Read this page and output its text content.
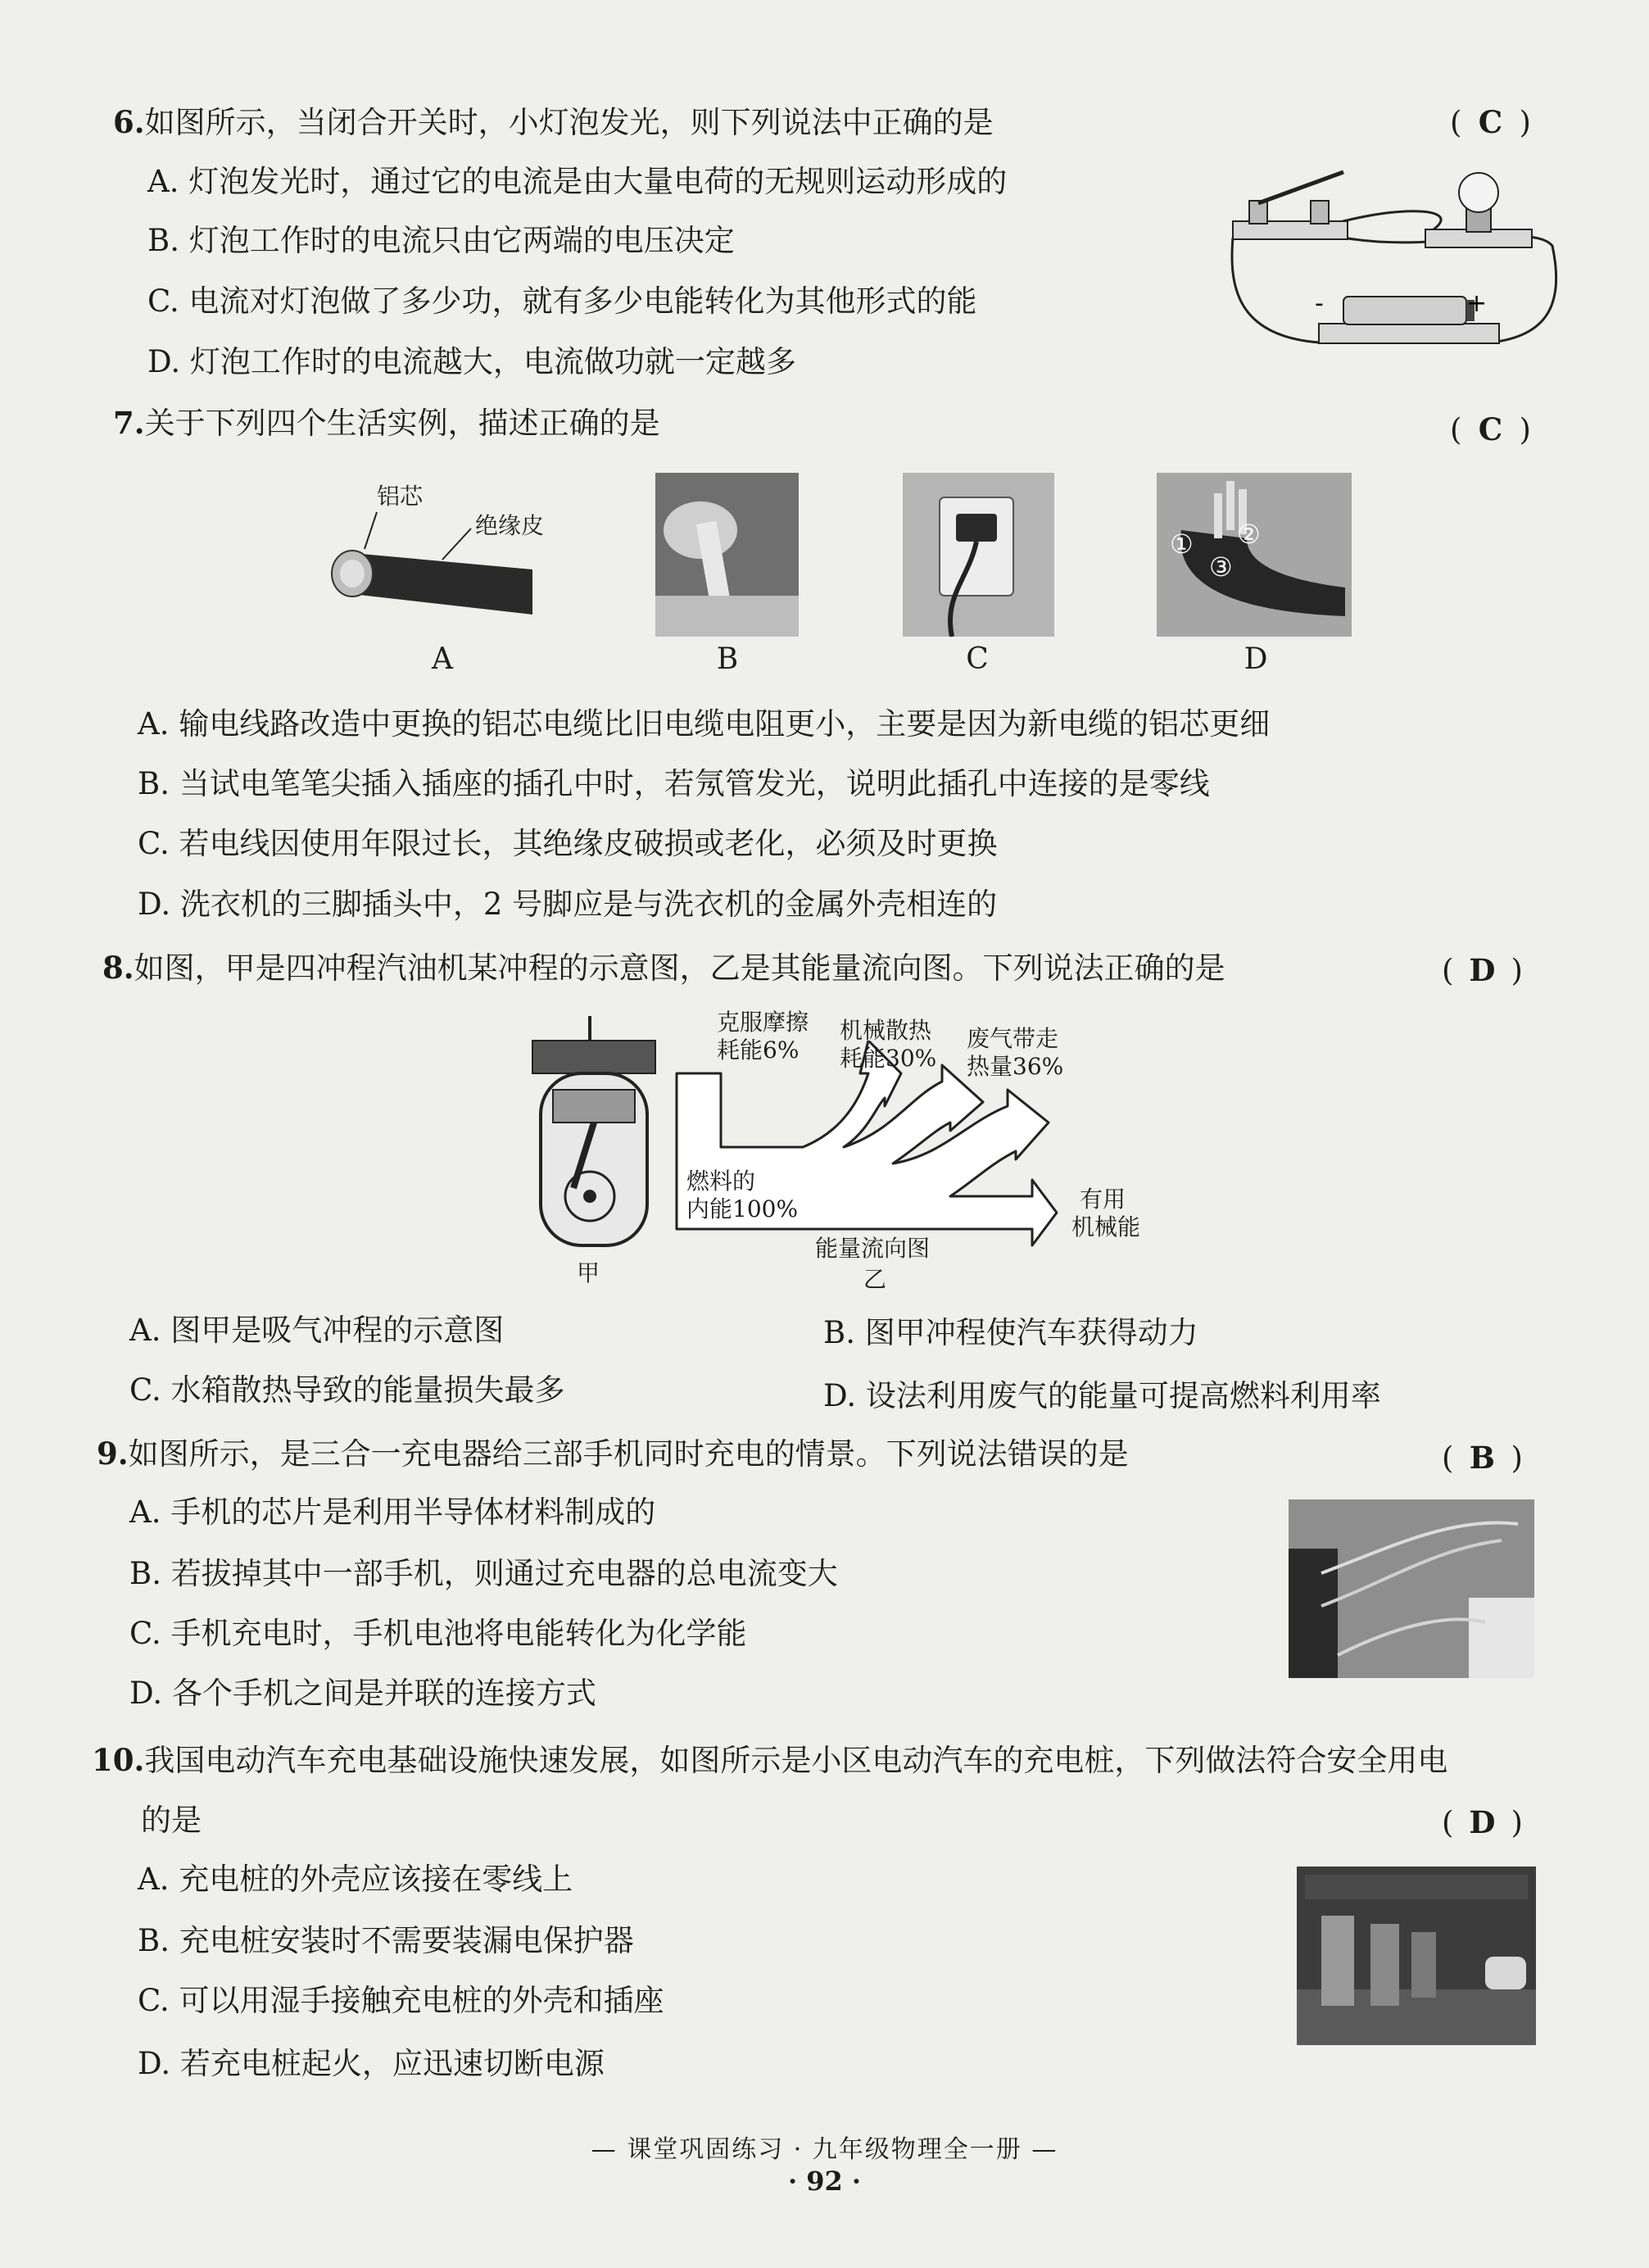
6.如图所示，当闭合开关时，小灯泡发光，则下列说法中正确的是	( C )
A. 灯泡发光时，通过它的电流是由大量电荷的无规则运动形成的
B. 灯泡工作时的电流只由它两端的电压决定
C. 电流对灯泡做了多少功，就有多少电能转化为其他形式的能
D. 灯泡工作时的电流越大，电流做功就一定越多
-	+
7.关于下列四个生活实例，描述正确的是	( C )
铝芯
绝缘皮
A	B	C
① ②
③
D
A. 输电线路改造中更换的铝芯电缆比旧电缆电阻更小，主要是因为新电缆的铝芯更细
B. 当试电笔笔尖插入插座的插孔中时，若氖管发光，说明此插孔中连接的是零线
C. 若电线因使用年限过长，其绝缘皮破损或老化，必须及时更换
D. 洗衣机的三脚插头中，2 号脚应是与洗衣机的金属外壳相连的
8.如图，甲是四冲程汽油机某冲程的示意图，乙是其能量流向图。下列说法正确的是	( D )
甲
克服摩擦
耗能6%
机械散热
耗能30%
废气带走
热量36%
燃料的
内能100%	有用
机械能
能量流向图
乙
A. 图甲是吸气冲程的示意图	B. 图甲冲程使汽车获得动力
C. 水箱散热导致的能量损失最多	D. 设法利用废气的能量可提高燃料利用率
9.如图所示，是三合一充电器给三部手机同时充电的情景。下列说法错误的是	( B )
A. 手机的芯片是利用半导体材料制成的
B. 若拔掉其中一部手机，则通过充电器的总电流变大
C. 手机充电时，手机电池将电能转化为化学能
D. 各个手机之间是并联的连接方式
10.我国电动汽车充电基础设施快速发展，如图所示是小区电动汽车的充电桩，下列做法符合安全用电
的是	( D )
A. 充电桩的外壳应该接在零线上
B. 充电桩安装时不需要装漏电保护器
C. 可以用湿手接触充电桩的外壳和插座
D. 若充电桩起火，应迅速切断电源
— 课堂巩固练习 · 九年级物理全一册 —
· 92 ·
